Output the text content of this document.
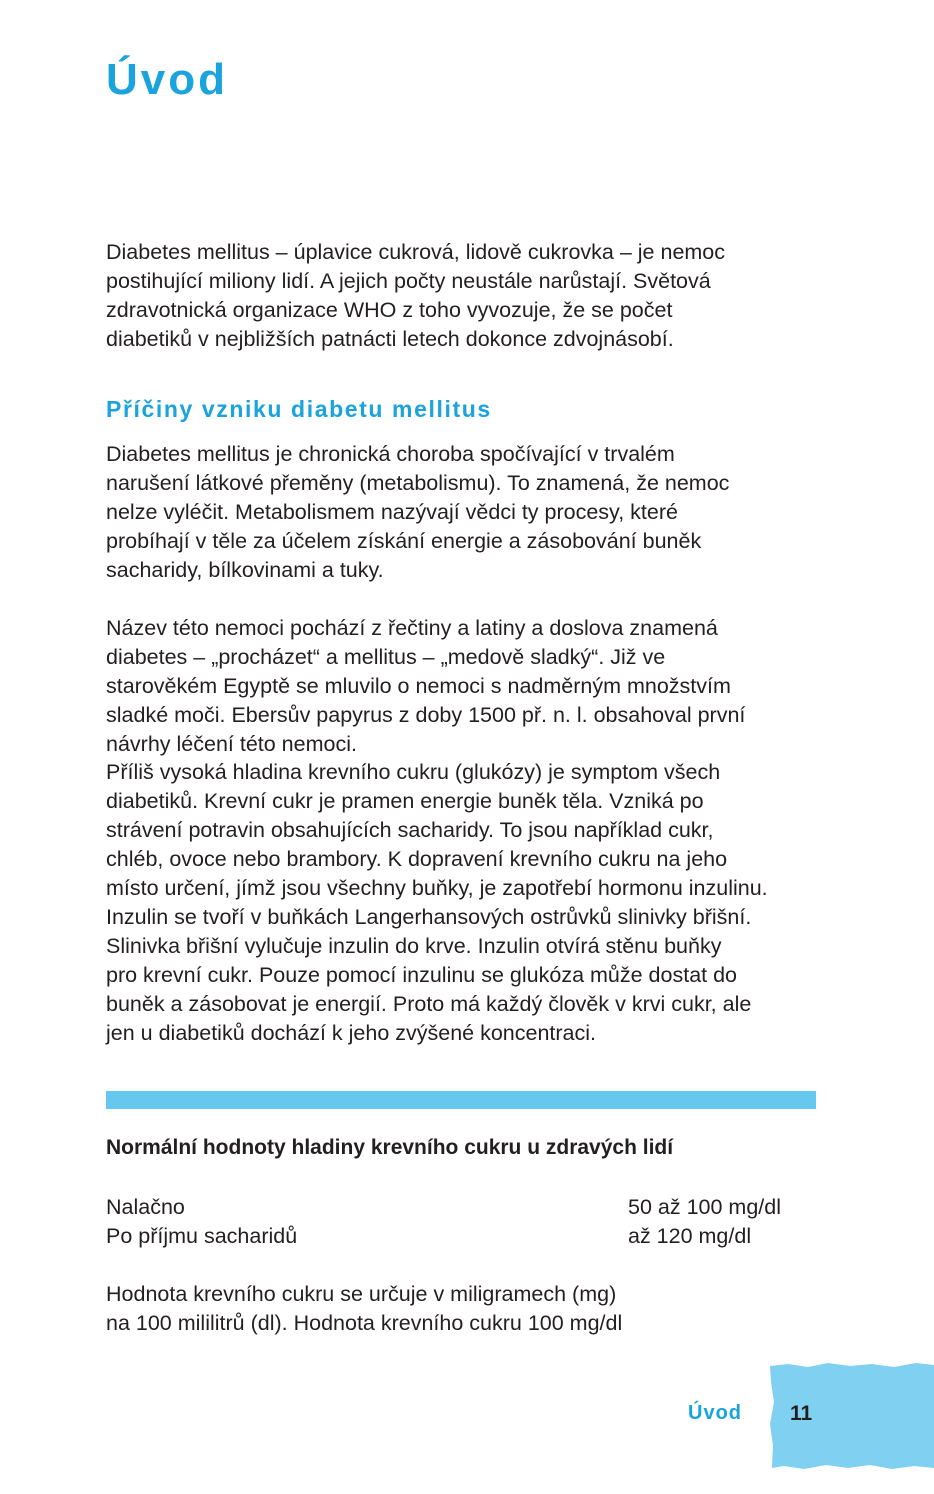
Úvod

Diabetes mellitus – úplavice cukrová, lidově cukrovka – je nemoc
postihující miliony lidí. A jejich počty neustále narůstají. Světová
zdravotnická organizace WHO z toho vyvozuje, že se počet
diabetiků v nejbližších patnácti letech dokonce zdvojnásobí.

Příčiny vzniku diabetu mellitus

Diabetes mellitus je chronická choroba spočívající v trvalém
narušení látkové přeměny (metabolismu). To znamená, že nemoc
nelze vyléčit. Metabolismem nazývají vědci ty procesy, které
probíhají v těle za účelem získání energie a zásobování buněk
sacharidy, bílkovinami a tuky.

Název této nemoci pochází z řečtiny a latiny a doslova znamená
diabetes – „procházet“ a mellitus – „medově sladký“. Již ve
starověkém Egyptě se mluvilo o nemoci s nadměrným množstvím
sladké moči. Ebersův papyrus z doby 1500 př. n. l. obsahoval první
návrhy léčení této nemoci.

Příliš vysoká hladina krevního cukru (glukózy) je symptom všech
diabetiků. Krevní cukr je pramen energie buněk těla. Vzniká po
strávení potravin obsahujících sacharidy. To jsou například cukr,
chléb, ovoce nebo brambory. K dopravení krevního cukru na jeho
místo určení, jímž jsou všechny buňky, je zapotřebí hormonu inzulinu.
Inzulin se tvoří v buňkách Langerhansových ostrůvků slinivky břišní.
Slinivka břišní vylučuje inzulin do krve. Inzulin otvírá stěnu buňky
pro krevní cukr. Pouze pomocí inzulinu se glukóza může dostat do
buněk a zásobovat je energií. Proto má každý člověk v krvi cukr, ale
jen u diabetiků dochází k jeho zvýšené koncentraci.

Normální hodnoty hladiny krevního cukru u zdravých lidí
Nalačno	50 až 100 mg/dl
Po příjmu sacharidů	až 120 mg/dl

Hodnota krevního cukru se určuje v miligramech (mg)
na 100 mililitrů (dl). Hodnota krevního cukru 100 mg/dl

Úvod 11
